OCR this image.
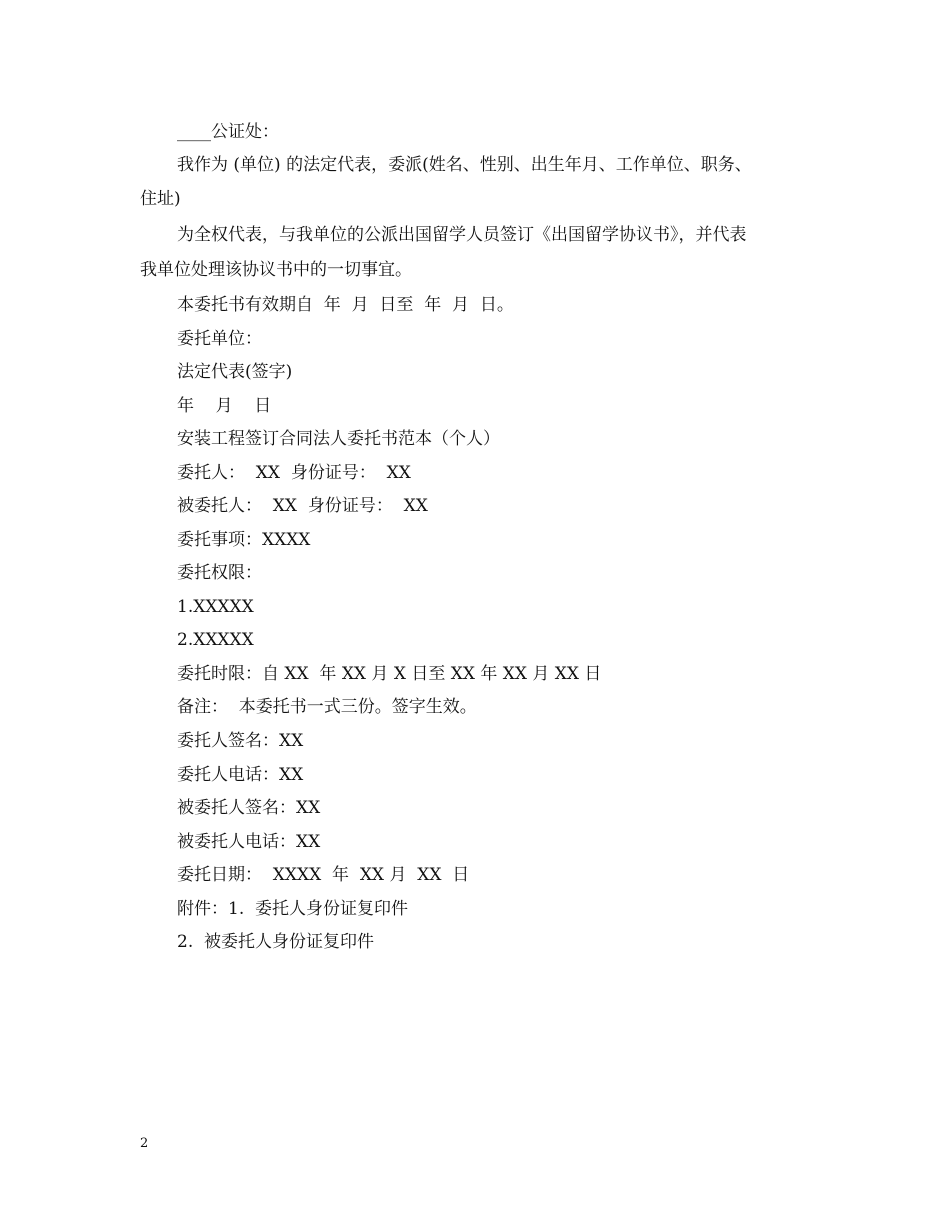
____公证处：
我作为 (单位) 的法定代表，委派(姓名、性别、出生年月、工作单位、职务、
住址)
为全权代表，与我单位的公派出国留学人员签订《出国留学协议书》，并代表
我单位处理该协议书中的一切事宜。
本委托书有效期自  年  月  日至  年  月  日。
委托单位：
法定代表(签字)
年    月    日
安装工程签订合同法人委托书范本（个人）
委托人：  XX  身份证号：  XX
被委托人：  XX  身份证号：  XX
委托事项：XXXX
委托权限：
1.XXXXX
2.XXXXX
委托时限：自 XX  年 XX 月 X 日至 XX 年 XX 月 XX 日
备注：  本委托书一式三份。签字生效。
委托人签名：XX
委托人电话：XX
被委托人签名：XX
被委托人电话：XX
委托日期：  XXXX  年  XX 月  XX  日
附件：1.  委托人身份证复印件
2.  被委托人身份证复印件
2
